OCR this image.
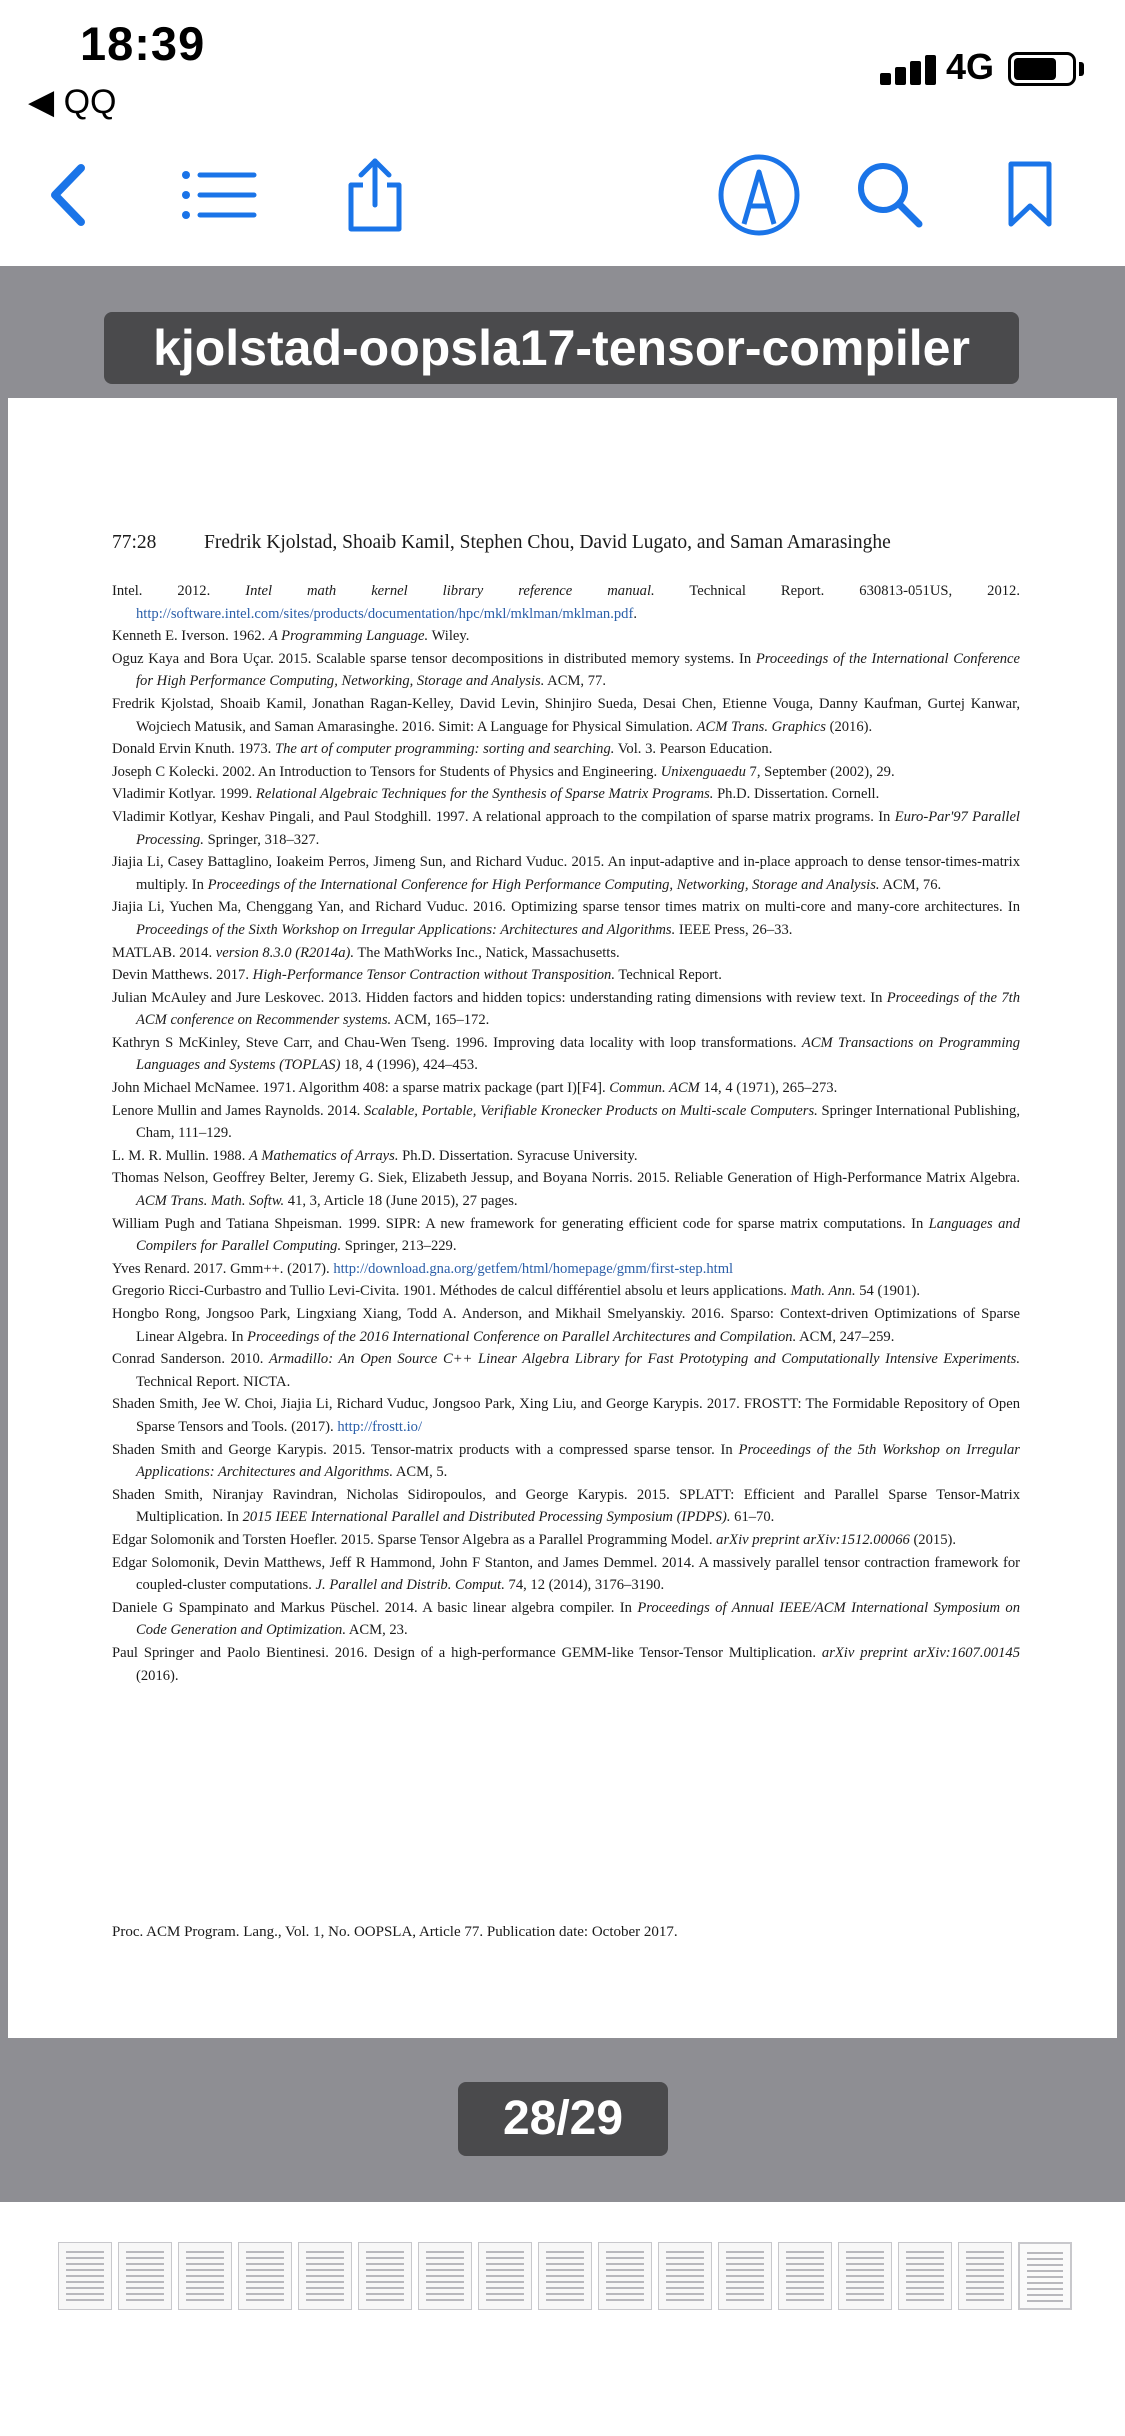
18:39
◀ QQ
4G
kjolstad-oopsla17-tensor-compiler
77:28	Fredrik Kjolstad, Shoaib Kamil, Stephen Chou, David Lugato, and Saman Amarasinghe
Intel. 2012. Intel math kernel library reference manual. Technical Report. 630813-051US, 2012. http://software.intel.com/sites/products/documentation/hpc/mkl/mklman/mklman.pdf.
Kenneth E. Iverson. 1962. A Programming Language. Wiley.
Oguz Kaya and Bora Uçar. 2015. Scalable sparse tensor decompositions in distributed memory systems. In Proceedings of the International Conference for High Performance Computing, Networking, Storage and Analysis. ACM, 77.
Fredrik Kjolstad, Shoaib Kamil, Jonathan Ragan-Kelley, David Levin, Shinjiro Sueda, Desai Chen, Etienne Vouga, Danny Kaufman, Gurtej Kanwar, Wojciech Matusik, and Saman Amarasinghe. 2016. Simit: A Language for Physical Simulation. ACM Trans. Graphics (2016).
Donald Ervin Knuth. 1973. The art of computer programming: sorting and searching. Vol. 3. Pearson Education.
Joseph C Kolecki. 2002. An Introduction to Tensors for Students of Physics and Engineering. Unixenguaedu 7, September (2002), 29.
Vladimir Kotlyar. 1999. Relational Algebraic Techniques for the Synthesis of Sparse Matrix Programs. Ph.D. Dissertation. Cornell.
Vladimir Kotlyar, Keshav Pingali, and Paul Stodghill. 1997. A relational approach to the compilation of sparse matrix programs. In Euro-Par'97 Parallel Processing. Springer, 318–327.
Jiajia Li, Casey Battaglino, Ioakeim Perros, Jimeng Sun, and Richard Vuduc. 2015. An input-adaptive and in-place approach to dense tensor-times-matrix multiply. In Proceedings of the International Conference for High Performance Computing, Networking, Storage and Analysis. ACM, 76.
Jiajia Li, Yuchen Ma, Chenggang Yan, and Richard Vuduc. 2016. Optimizing sparse tensor times matrix on multi-core and many-core architectures. In Proceedings of the Sixth Workshop on Irregular Applications: Architectures and Algorithms. IEEE Press, 26–33.
MATLAB. 2014. version 8.3.0 (R2014a). The MathWorks Inc., Natick, Massachusetts.
Devin Matthews. 2017. High-Performance Tensor Contraction without Transposition. Technical Report.
Julian McAuley and Jure Leskovec. 2013. Hidden factors and hidden topics: understanding rating dimensions with review text. In Proceedings of the 7th ACM conference on Recommender systems. ACM, 165–172.
Kathryn S McKinley, Steve Carr, and Chau-Wen Tseng. 1996. Improving data locality with loop transformations. ACM Transactions on Programming Languages and Systems (TOPLAS) 18, 4 (1996), 424–453.
John Michael McNamee. 1971. Algorithm 408: a sparse matrix package (part I)[F4]. Commun. ACM 14, 4 (1971), 265–273.
Lenore Mullin and James Raynolds. 2014. Scalable, Portable, Verifiable Kronecker Products on Multi-scale Computers. Springer International Publishing, Cham, 111–129.
L. M. R. Mullin. 1988. A Mathematics of Arrays. Ph.D. Dissertation. Syracuse University.
Thomas Nelson, Geoffrey Belter, Jeremy G. Siek, Elizabeth Jessup, and Boyana Norris. 2015. Reliable Generation of High-Performance Matrix Algebra. ACM Trans. Math. Softw. 41, 3, Article 18 (June 2015), 27 pages.
William Pugh and Tatiana Shpeisman. 1999. SIPR: A new framework for generating efficient code for sparse matrix computations. In Languages and Compilers for Parallel Computing. Springer, 213–229.
Yves Renard. 2017. Gmm++. (2017). http://download.gna.org/getfem/html/homepage/gmm/first-step.html
Gregorio Ricci-Curbastro and Tullio Levi-Civita. 1901. Méthodes de calcul différentiel absolu et leurs applications. Math. Ann. 54 (1901).
Hongbo Rong, Jongsoo Park, Lingxiang Xiang, Todd A. Anderson, and Mikhail Smelyanskiy. 2016. Sparso: Context-driven Optimizations of Sparse Linear Algebra. In Proceedings of the 2016 International Conference on Parallel Architectures and Compilation. ACM, 247–259.
Conrad Sanderson. 2010. Armadillo: An Open Source C++ Linear Algebra Library for Fast Prototyping and Computationally Intensive Experiments. Technical Report. NICTA.
Shaden Smith, Jee W. Choi, Jiajia Li, Richard Vuduc, Jongsoo Park, Xing Liu, and George Karypis. 2017. FROSTT: The Formidable Repository of Open Sparse Tensors and Tools. (2017). http://frostt.io/
Shaden Smith and George Karypis. 2015. Tensor-matrix products with a compressed sparse tensor. In Proceedings of the 5th Workshop on Irregular Applications: Architectures and Algorithms. ACM, 5.
Shaden Smith, Niranjay Ravindran, Nicholas Sidiropoulos, and George Karypis. 2015. SPLATT: Efficient and Parallel Sparse Tensor-Matrix Multiplication. In 2015 IEEE International Parallel and Distributed Processing Symposium (IPDPS). 61–70.
Edgar Solomonik and Torsten Hoefler. 2015. Sparse Tensor Algebra as a Parallel Programming Model. arXiv preprint arXiv:1512.00066 (2015).
Edgar Solomonik, Devin Matthews, Jeff R Hammond, John F Stanton, and James Demmel. 2014. A massively parallel tensor contraction framework for coupled-cluster computations. J. Parallel and Distrib. Comput. 74, 12 (2014), 3176–3190.
Daniele G Spampinato and Markus Püschel. 2014. A basic linear algebra compiler. In Proceedings of Annual IEEE/ACM International Symposium on Code Generation and Optimization. ACM, 23.
Paul Springer and Paolo Bientinesi. 2016. Design of a high-performance GEMM-like Tensor-Tensor Multiplication. arXiv preprint arXiv:1607.00145 (2016).
Proc. ACM Program. Lang., Vol. 1, No. OOPSLA, Article 77. Publication date: October 2017.
28/29
